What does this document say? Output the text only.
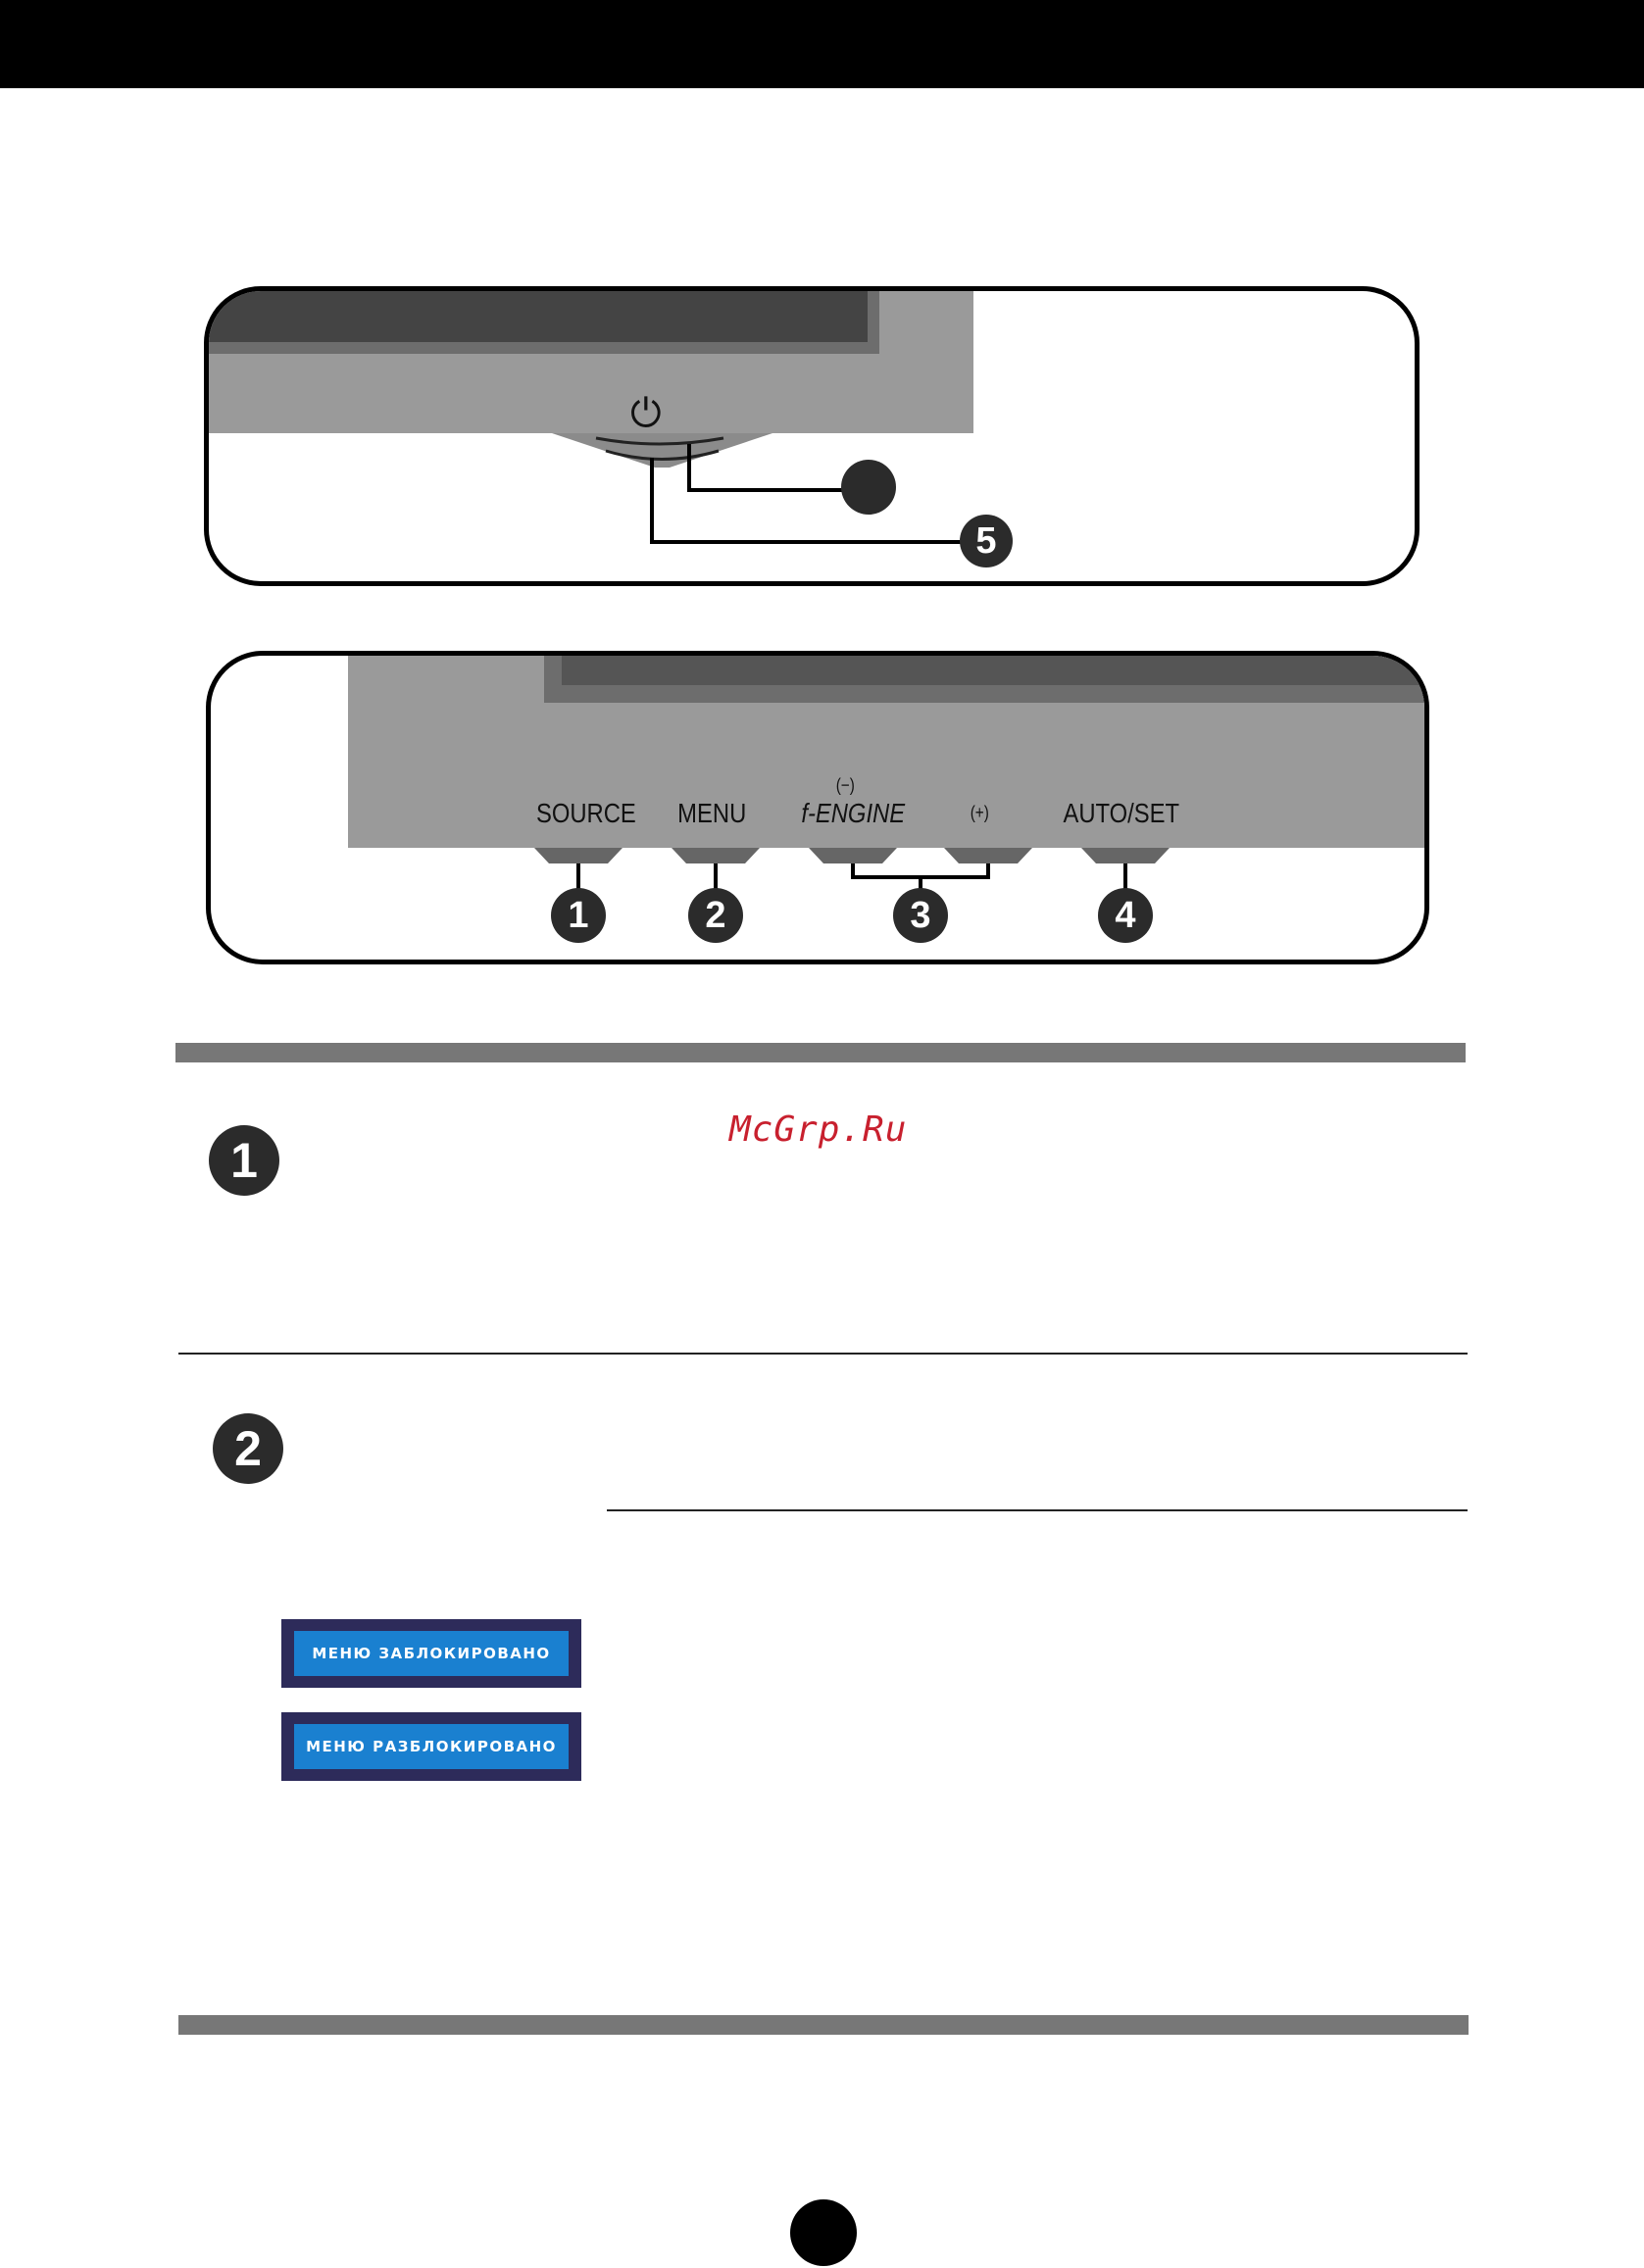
⏻
5
SOURCE MENU
(−)
f-ENGINE	(+)	AUTO/SET
1	2	3	4
1
McGrp.Ru
2
МЕНЮ ЗАБЛОКИРОВАНО
МЕНЮ РАЗБЛОКИРОВАНО
